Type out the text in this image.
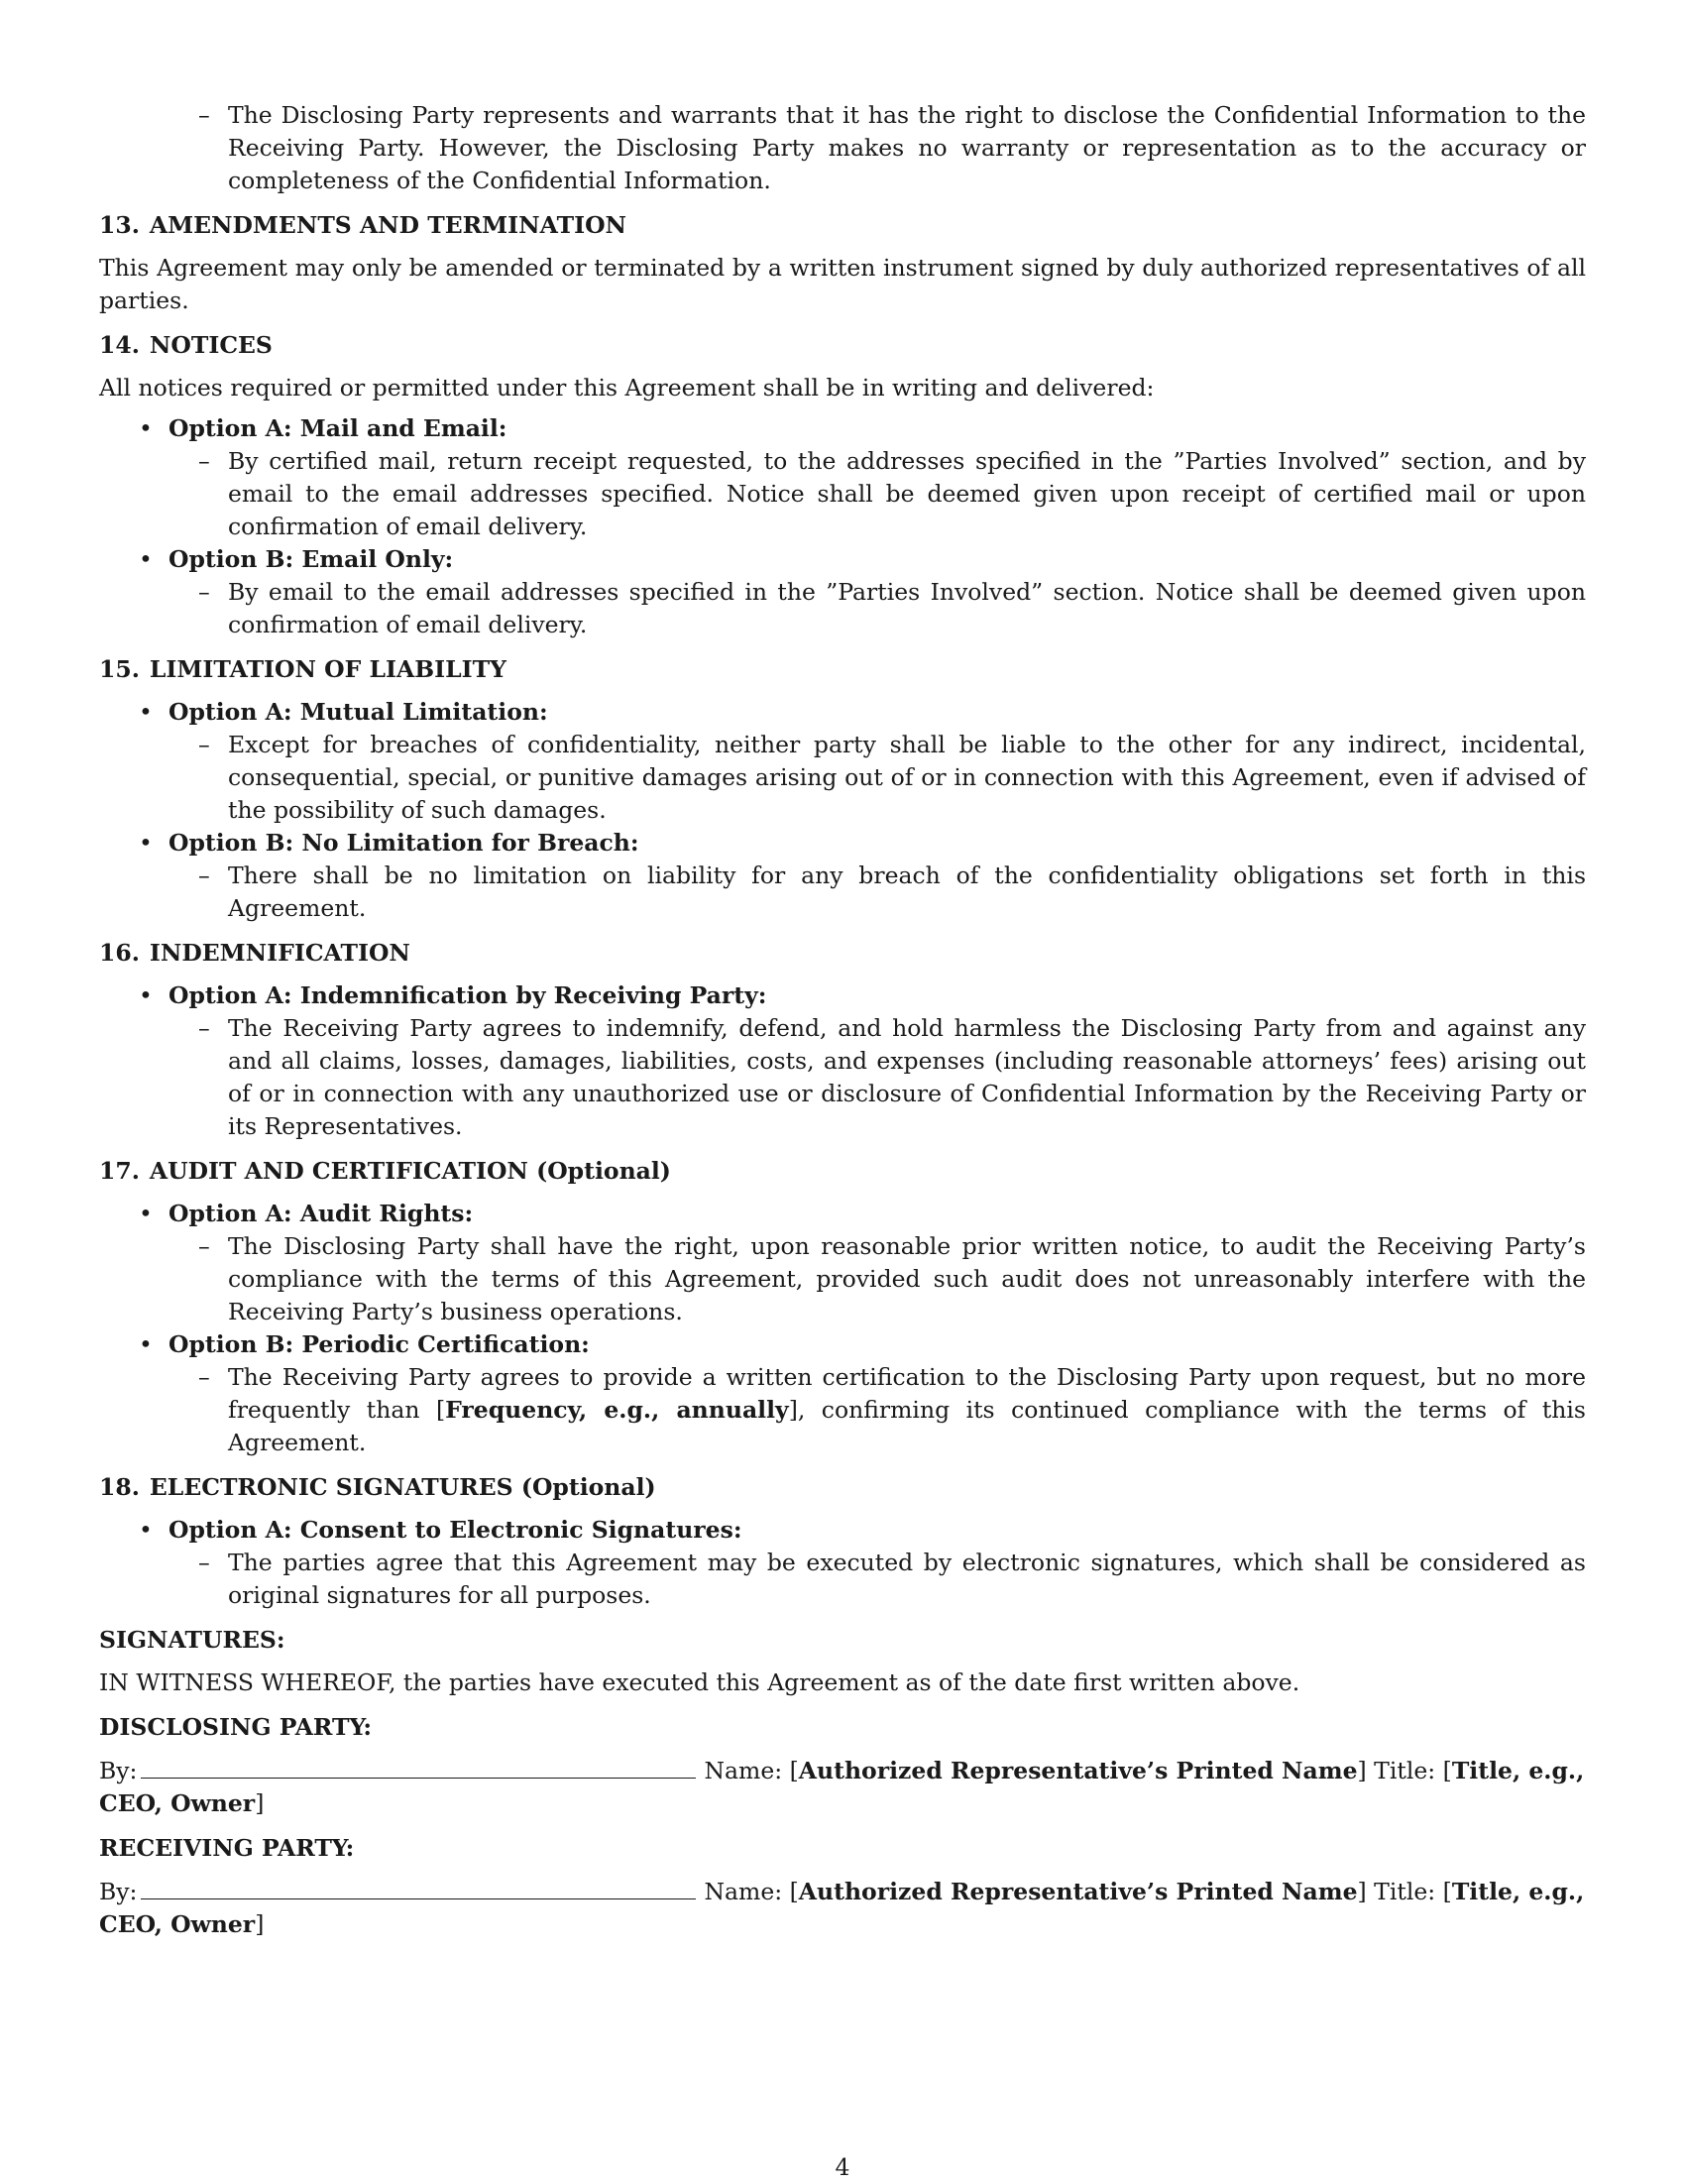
– The Disclosing Party represents and warrants that it has the right to disclose the Confidential Information to the Receiving Party. However, the Disclosing Party makes no warranty or representation as to the accuracy or completeness of the Confidential Information.
13. AMENDMENTS AND TERMINATION

This Agreement may only be amended or terminated by a written instrument signed by duly authorized representatives of all parties.

14. NOTICES

All notices required or permitted under this Agreement shall be in writing and delivered:

• Option A: Mail and Email:
– By certified mail, return receipt requested, to the addresses specified in the ”Parties Involved” section, and by email to the email addresses specified. Notice shall be deemed given upon receipt of certified mail or upon confirmation of email delivery.
• Option B: Email Only:
– By email to the email addresses specified in the ”Parties Involved” section. Notice shall be deemed given upon confirmation of email delivery.
15. LIMITATION OF LIABILITY
• Option A: Mutual Limitation:
– Except for breaches of confidentiality, neither party shall be liable to the other for any indirect, incidental, consequential, special, or punitive damages arising out of or in connection with this Agreement, even if advised of the possibility of such damages.
• Option B: No Limitation for Breach:
– There shall be no limitation on liability for any breach of the confidentiality obligations set forth in this Agreement.
16. INDEMNIFICATION
• Option A: Indemnification by Receiving Party:
– The Receiving Party agrees to indemnify, defend, and hold harmless the Disclosing Party from and against any and all claims, losses, damages, liabilities, costs, and expenses (including reasonable attorneys’ fees) arising out of or in connection with any unauthorized use or disclosure of Confidential Information by the Receiving Party or its Representatives.
17. AUDIT AND CERTIFICATION (Optional)
• Option A: Audit Rights:
– The Disclosing Party shall have the right, upon reasonable prior written notice, to audit the Receiving Party’s compliance with the terms of this Agreement, provided such audit does not unreasonably interfere with the Receiving Party’s business operations.
• Option B: Periodic Certification:
– The Receiving Party agrees to provide a written certification to the Disclosing Party upon request, but no more frequently than [Frequency, e.g., annually], confirming its continued compliance with the terms of this Agreement.
18. ELECTRONIC SIGNATURES (Optional)
• Option A: Consent to Electronic Signatures:
– The parties agree that this Agreement may be executed by electronic signatures, which shall be considered as original signatures for all purposes.
SIGNATURES:

IN WITNESS WHEREOF, the parties have executed this Agreement as of the date first written above.

DISCLOSING PARTY:
By:	Name: [Authorized Representative’s Printed Name] Title: [Title, e.g., CEO, Owner]
RECEIVING PARTY:
By:	Name: [Authorized Representative’s Printed Name] Title: [Title, e.g., CEO, Owner]
4
